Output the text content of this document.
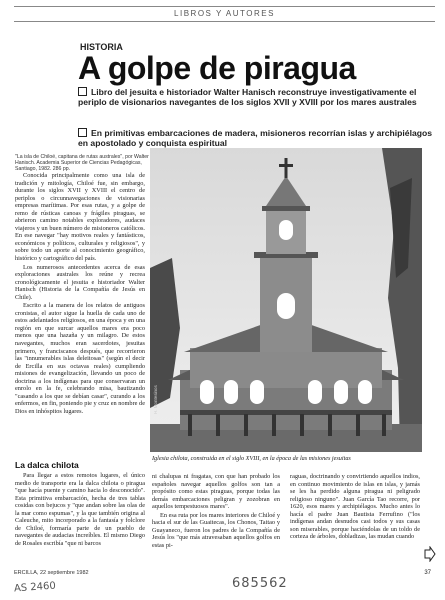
LIBROS Y AUTORES
HISTORIA
A golpe de piragua
Libro del jesuita e historiador Walter Hanisch reconstruye investigativamente el periplo de visionarios navegantes de los siglos XVII y XVIII por los mares australes
En primitivas embarcaciones de madera, misioneros recorrían islas y archipiélagos en apostolado y conquista espiritual
"La isla de Chiloé, capitana de rutas australes", por Walter Hanisch. Academia Superior de Ciencias Pedagógicas, Santiago, 1982. 286 pp.

Conocida principalmente como una isla de tradición y mitología, Chiloé fue, sin embargo, durante los siglos XVII y XVIII el centro de periplos o circunnavegaciones de visionarias empresas marítimas. Por esas rutas, y a golpe de remo de rústicas canoas y frágiles piraguas, se abrieron camino notables exploradores, audaces viajeros y un buen número de misioneros católicos. En ese navegar "hay motivos reales y fantásticos, económicos y políticos, culturales y religiosos", y sobre todo un aporte al conocimiento geográfico, histórico y cartográfico del país.

Los numerosos antecedentes acerca de esas exploraciones australes los reúne y recrea cronológicamente el jesuita e historiador Walter Hanisch (Historia de la Compañía de Jesús en Chile).

Escrito a la manera de los relatos de antiguos cronistas, el autor sigue la huella de cada uno de estos adelantados religiosos, en una época y en una región en que surcar aquellos mares era poco menos que una hazaña y un milagro. De estos navegantes, muchos eran sacerdotes, jesuitas primero, y franciscanos después, que recorrieron las "innumerables islas deleitosas" (según el decir de Ercilla en sus octavas reales) cumpliendo misiones de evangelización, llevando un poco de doctrina a los indígenas para que conservaran un enrolo en la fe, celebrando misa, bautizando "casando a los que se debían casar", curando a los enfermos, en fin, poniendo pie y cruz en nombre de Dios en inhóspitos lugares.

La dalca chilota

Para llegar a estos remotos lugares, el único medio de transporte era la dalca chilota o piragua "que hacía puente y camino hacia lo desconocido". Esta primitiva embarcación, hecha de tres tablas cosidas con bejucos y "que andan sobre las olas de la mar como espumas", y la que también origina al Caleuche, mito incorporado a la fantasía y folclore de Chiloé, formaría parte de un pueblo de navegantes de audacias increíbles. El mismo Diego de Rosales escribía "que ni barcos

H. Montesinos
Iglesia chilota, construida en el siglo XVIII, en la época de las misiones jesuitas

ni chalupas ni fragatas, con que han probado los españoles navegar aquellos golfos son tan a propósito como estas piraguas, porque todas las demás embarcaciones peligran y zozobran en aquellos tempestuosos mares".

En esa ruta por los mares interiores de Chiloé y hacia el sur de las Guaitecas, los Chonos, Taitao y Guayaneco, fueron los padres de la Compañía de Jesús los "que más atravesaban aquellos golfos en estas pi-

raguas, doctrinando y convirtiendo aquellos indios, en continuo movimiento de islas en islas, y jamás se les ha perdido alguna piragua ni peligrado religioso ninguno". Juan García Tao recorre, por 1620, esos mares y archipiélagos. Mucho antes lo hacía el padre Juan Bautista Ferrufino ("los indígenas andan desnudos casi todos y sus casas son miserables, porque haciéndolas de un toldo de corteza de árboles, dobladizas, las mudan cuando

ERCILLA, 22 septiembre 1982	37
AS 2460	685562
